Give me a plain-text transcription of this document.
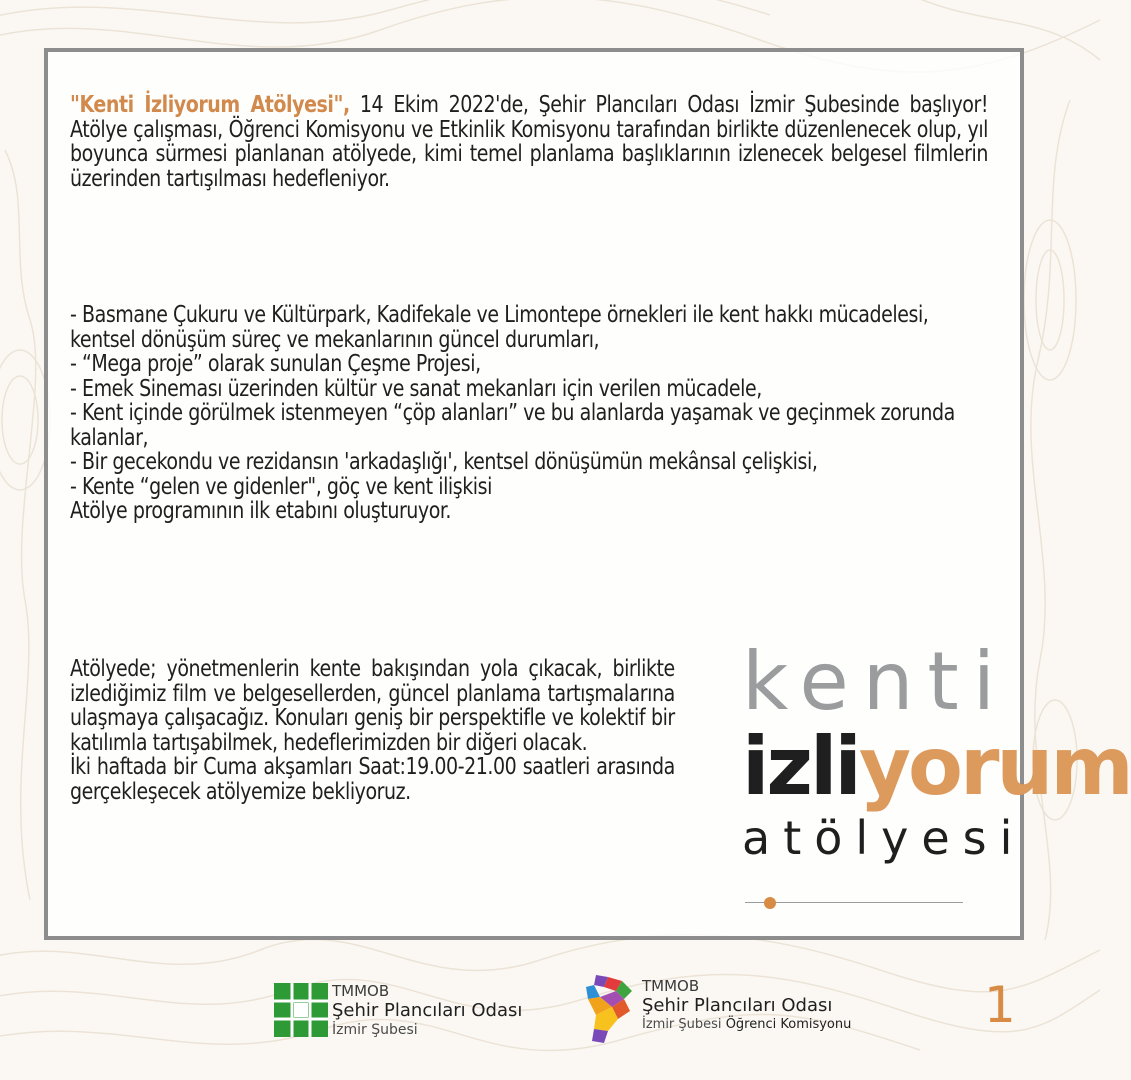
"Kenti İzliyorum Atölyesi", 14 Ekim 2022'de, Şehir Plancıları Odası İzmir Şubesinde başlıyor! Atölye çalışması, Öğrenci Komisyonu ve Etkinlik Komisyonu tarafından birlikte düzenlenecek olup, yıl boyunca sürmesi planlanan atölyede, kimi temel planlama başlıklarının izlenecek belgesel filmlerin üzerinden tartışılması hedefleniyor.

- Basmane Çukuru ve Kültürpark, Kadifekale ve Limontepe örnekleri ile kent hakkı mücadelesi, kentsel dönüşüm süreç ve mekanlarının güncel durumları,

- “Mega proje” olarak sunulan Çeşme Projesi,

- Emek Sineması üzerinden kültür ve sanat mekanları için verilen mücadele,

- Kent içinde görülmek istenmeyen “çöp alanları” ve bu alanlarda yaşamak ve geçinmek zorunda kalanlar,

- Bir gecekondu ve rezidansın 'arkadaşlığı', kentsel dönüşümün mekânsal çelişkisi,

- Kente “gelen ve gidenler", göç ve kent ilişkisi

Atölye programının ilk etabını oluşturuyor.

Atölyede; yönetmenlerin kente bakışından yola çıkacak, birlikte izlediğimiz film ve belgesellerden, güncel planlama tartışmalarına ulaşmaya çalışacağız. Konuları geniş bir perspektifle ve kolektif bir katılımla tartışabilmek, hedeflerimizden bir diğeri olacak.

İki haftada bir Cuma akşamları Saat:19.00-21.00 saatleri arasında gerçekleşecek atölyemize bekliyoruz.

kenti
izliyorum
atölyesi
TMMOB
Şehir Plancıları Odası
İzmir Şubesi
TMMOB
Şehir Plancıları Odası
İzmir Şubesi Öğrenci Komisyonu	1
